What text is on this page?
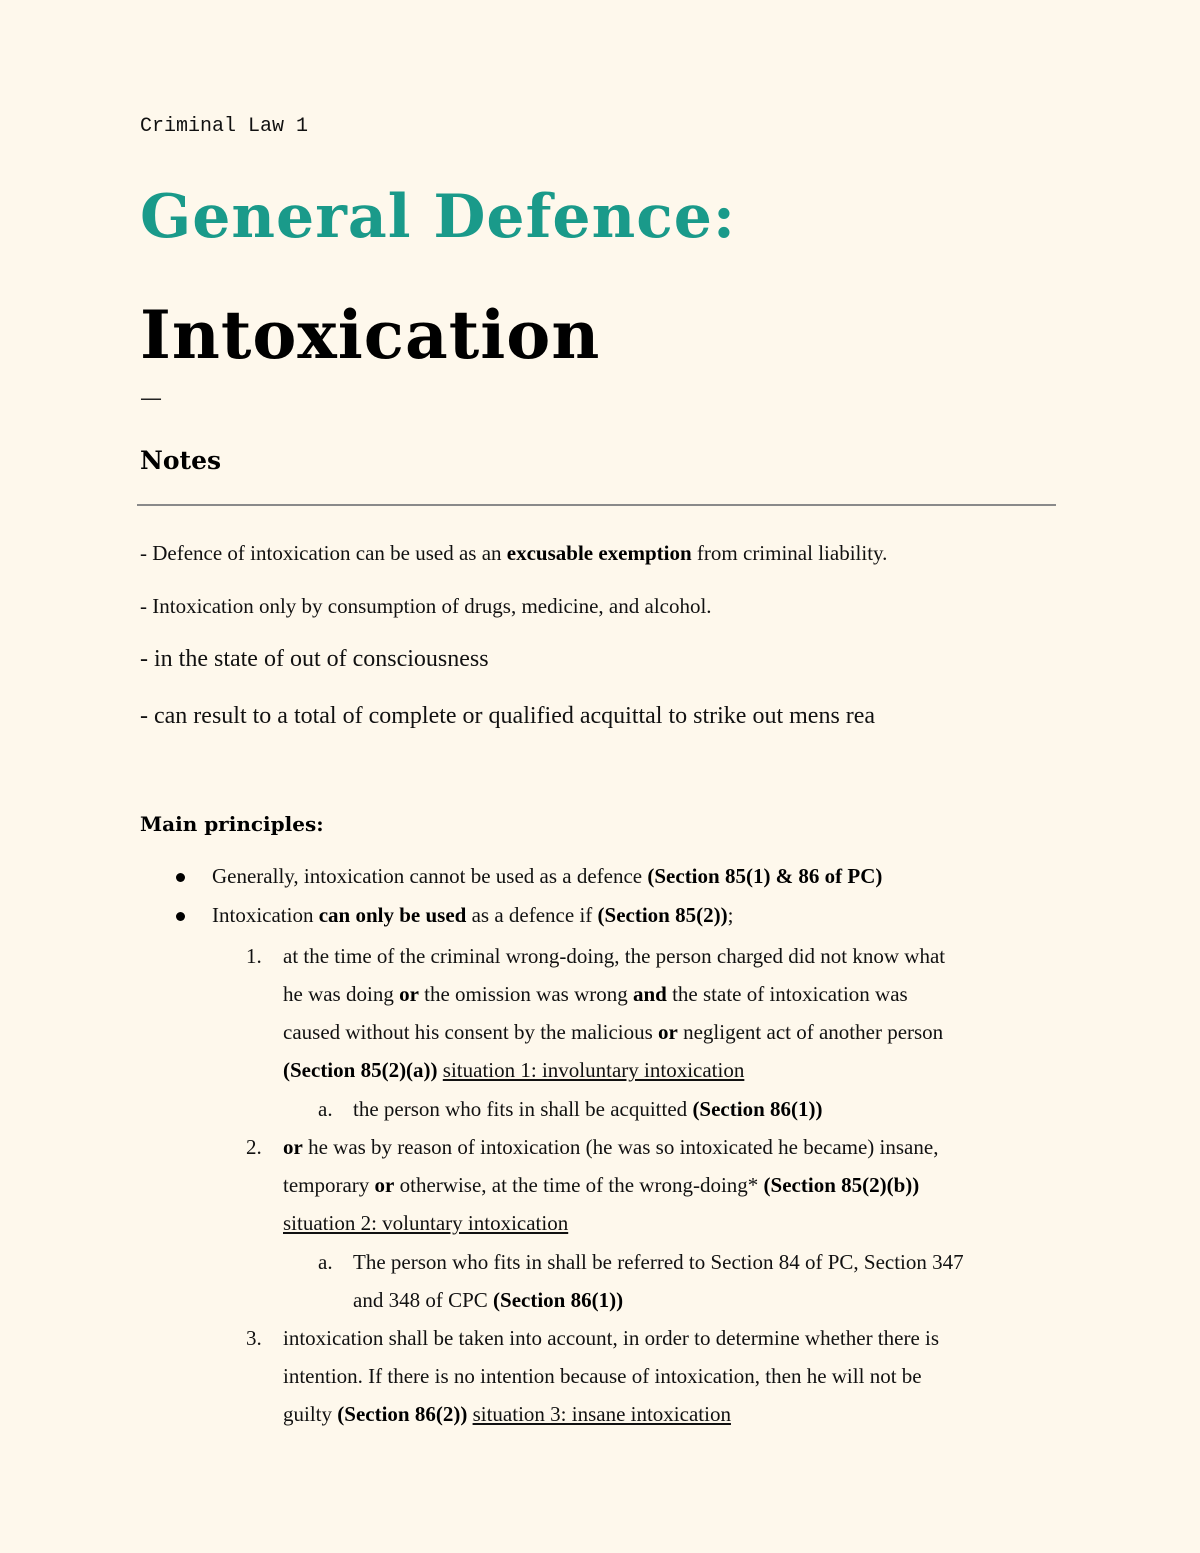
Criminal Law 1
General Defence:
Intoxication
—
Notes
- Defence of intoxication can be used as an excusable exemption from criminal liability.
- Intoxication only by consumption of drugs, medicine, and alcohol.
- in the state of out of consciousness
- can result to a total of complete or qualified acquittal to strike out mens rea
Main principles:
Generally, intoxication cannot be used as a defence (Section 85(1) & 86 of PC)
Intoxication can only be used as a defence if (Section 85(2));
1. at the time of the criminal wrong-doing, the person charged did not know what
he was doing or the omission was wrong and the state of intoxication was
caused without his consent by the malicious or negligent act of another person
(Section 85(2)(a)) situation 1: involuntary intoxication
a. the person who fits in shall be acquitted (Section 86(1))
2. or he was by reason of intoxication (he was so intoxicated he became) insane,
temporary or otherwise, at the time of the wrong-doing* (Section 85(2)(b))
situation 2: voluntary intoxication
a. The person who fits in shall be referred to Section 84 of PC, Section 347
and 348 of CPC (Section 86(1))
3. intoxication shall be taken into account, in order to determine whether there is
intention. If there is no intention because of intoxication, then he will not be
guilty (Section 86(2)) situation 3: insane intoxication
